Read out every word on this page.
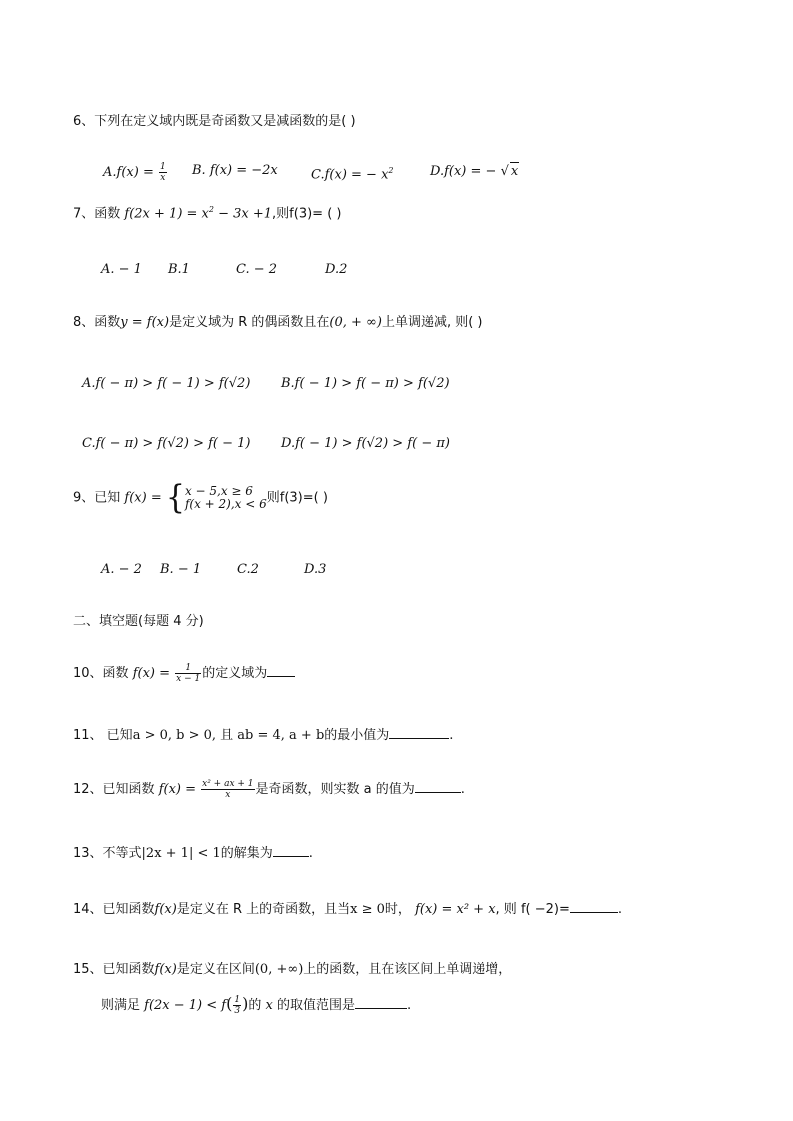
6、下列在定义域内既是奇函数又是减函数的是( )
$A.f(x) = \frac{1}{x} B$. f(x) = −2x	C.f(x) = − $x^2$	D.f(x) = − √ x
7、函数 $f(2x + 1) = x^2 - 3x +1$,则f(3)= ( )
A. − 1 B.1	C. − 2	D.2
8、函数y = f(x)是定义域为 R 的偶函数且在(0, + ∞)上单调递减, 则( )
A.f( − π) > f( − 1) > f(√2) B.f( − 1) > f( − π) > f(√2)
C.f( − π) > f(√2) > f( − 1) D.f( − 1) > f(√2) > f( − π)
9、已知 f(x) = { x − 5,x ≥ 6
f(x + 2),x < 6 则f(3)=( )
A. − 2 B. − 1	C.2	D.3
二、填空题(每题 4 分)
10、函数 $f(x) = \frac{1}{x - 1}$ 的定义域为
11、 已知a > 0, b > 0, 且 ab = 4, a + b的最小值为	.
12、已知函数 $f(x) = \frac{\text{x² + ax + 1}}{x}$ 是奇函数，则实数 a 的值为	.
13、不等式|2x + 1| < 1的解集为	.
14、已知函数f(x)是定义在 R 上的奇函数，且当x ≥ 0时， f(x) = x² + x, 则 f( −2)=	.
15、已知函数f(x)是定义在区间(0, +∞)上的函数，且在该区间上单调递增，
则满足 $f(2x - 1) < f( \frac{1}{3}$ )的 x 的取值范围是	.
